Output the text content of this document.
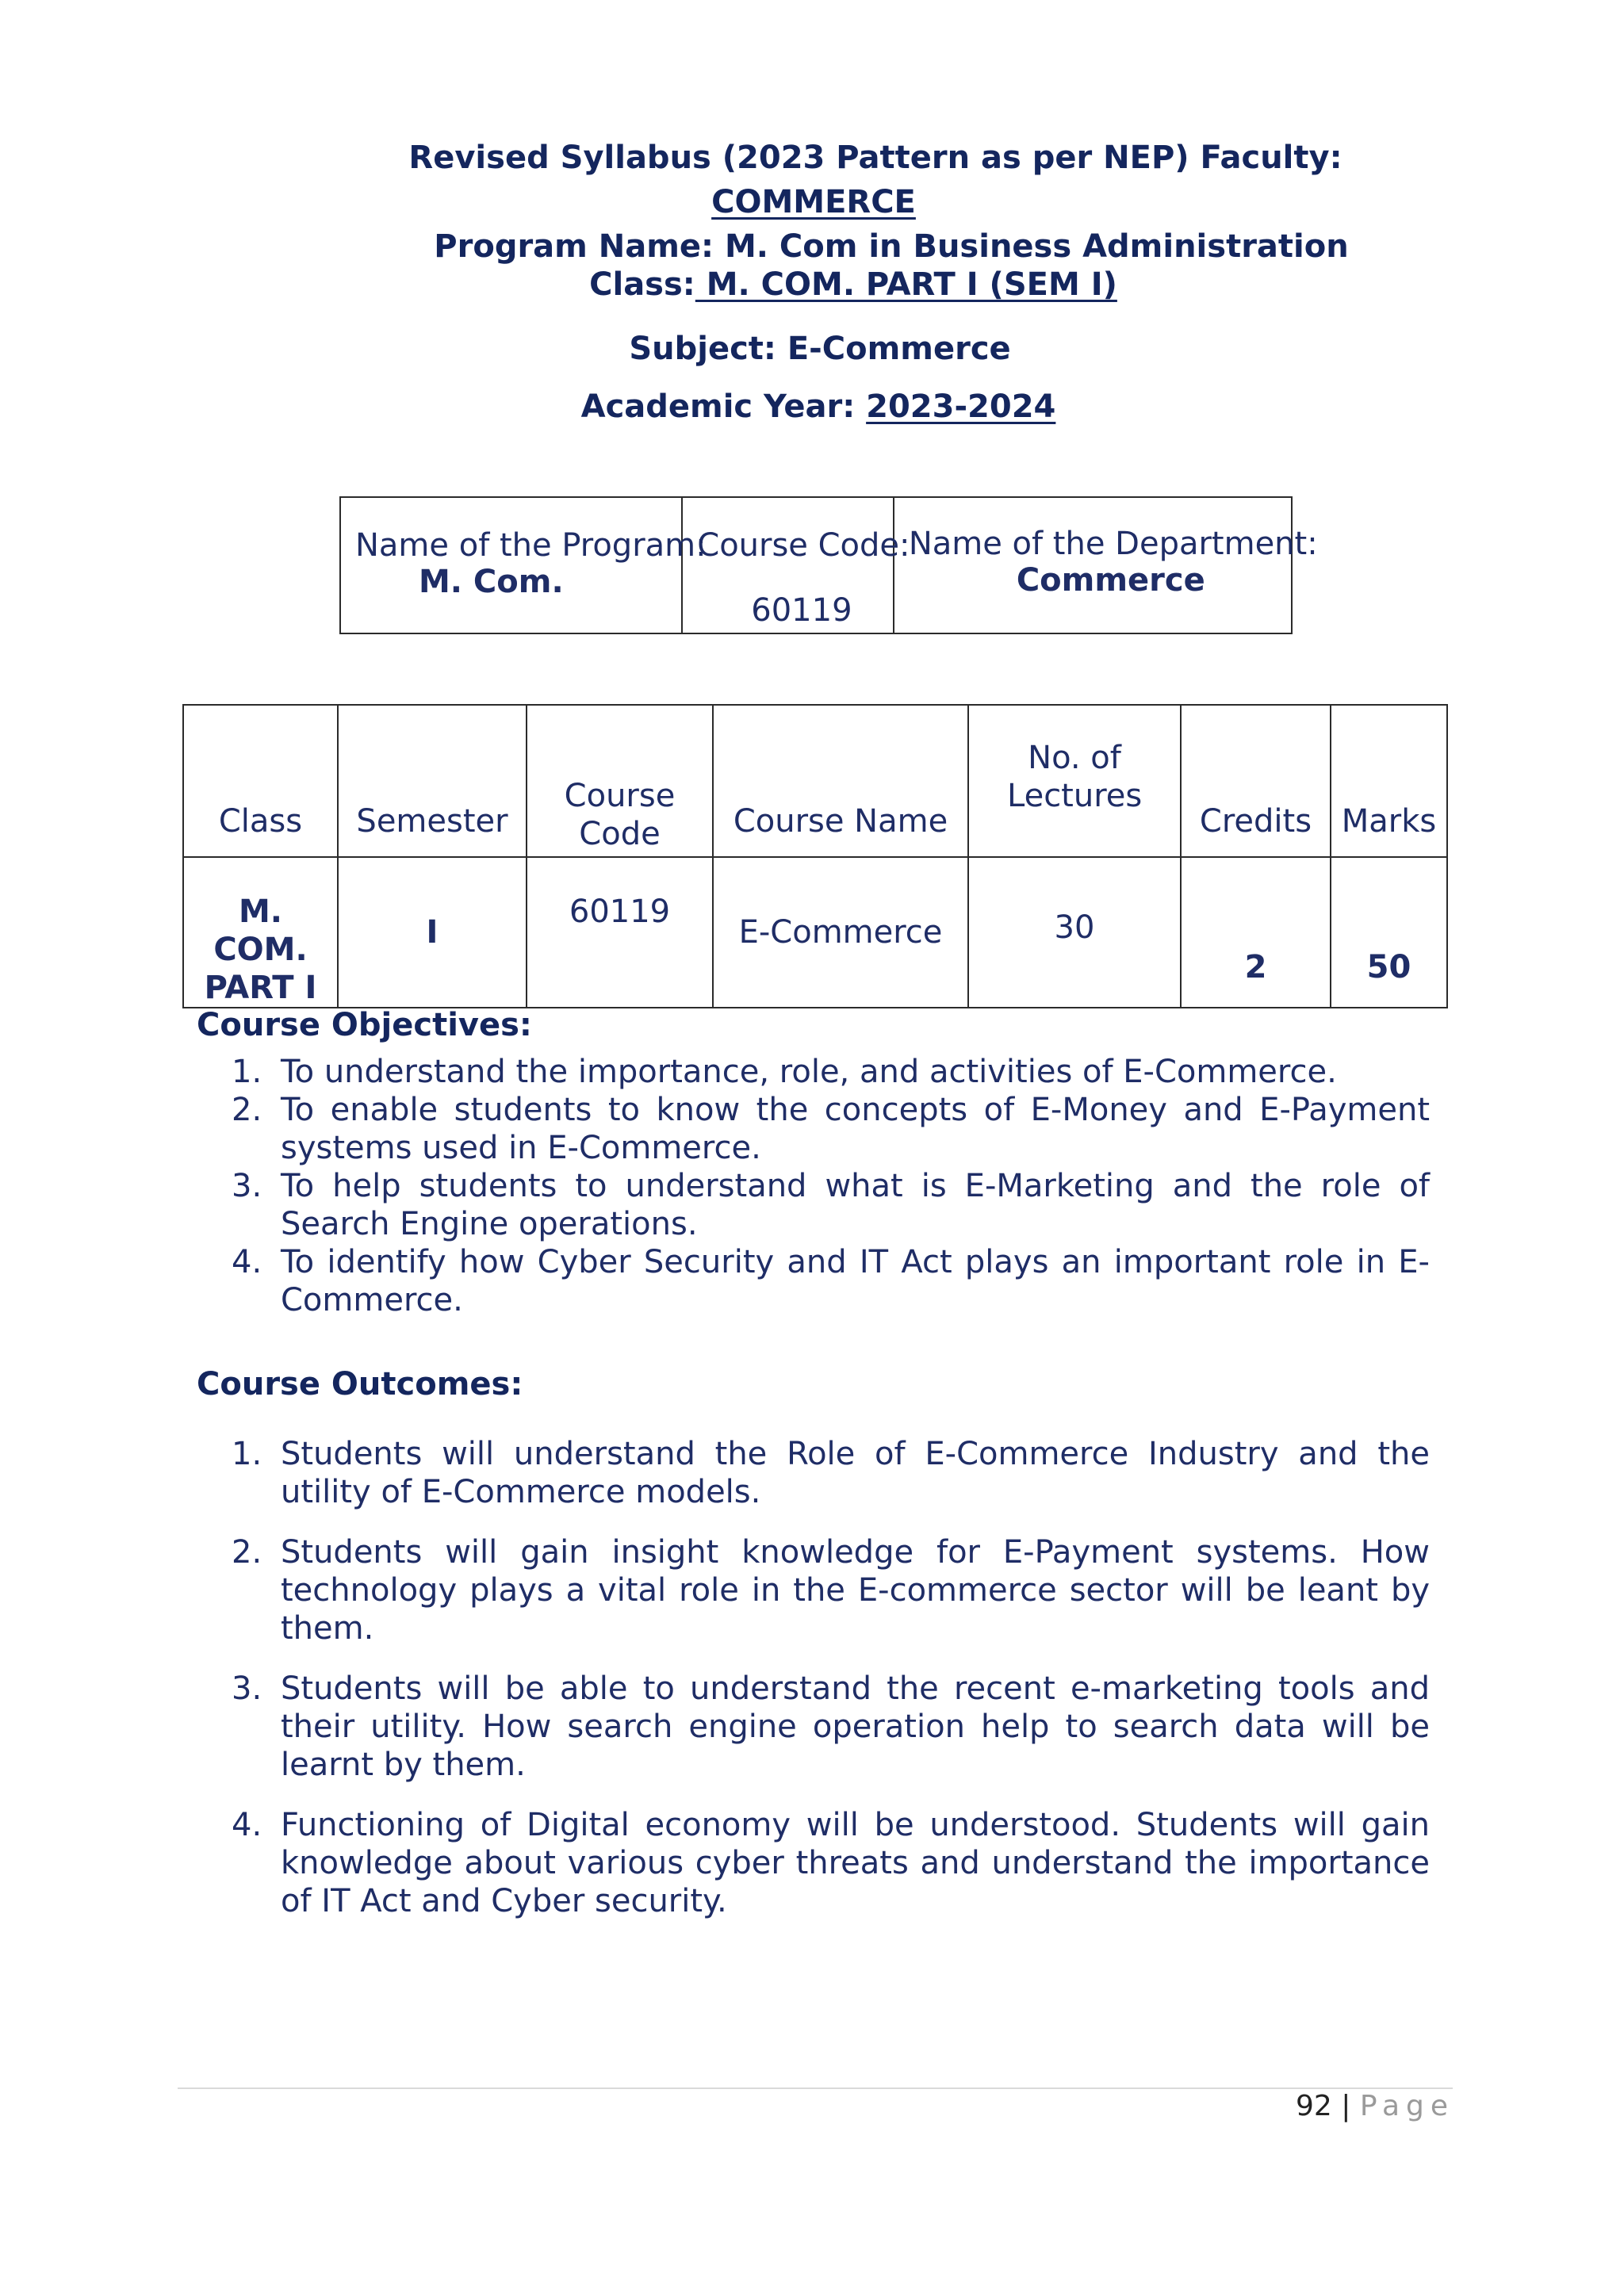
Revised Syllabus (2023 Pattern as per NEP) Faculty:
COMMERCE
Program Name: M. Com in Business Administration
Class: M. COM. PART I (SEM I)
Subject: E-Commerce
Academic Year: 2023-2024
Name of the Program:
M. Com.

Course Code:
60119

Name of the Department:
Commerce
Class	Semester	Course Code	Course Name	No. of Lectures	Credits	Marks

M.
COM.
PART I	I	60119	E-Commerce	30	2	50
Course Objectives:
1. To understand the importance, role, and activities of E-Commerce.
2. To enable students to know the concepts of E-Money and E-Payment systems used in E-Commerce.
3. To help students to understand what is E-Marketing and the role of Search Engine operations.
4. To identify how Cyber Security and IT Act plays an important role in E-Commerce.
Course Outcomes:
1. Students will understand the Role of E-Commerce Industry and the utility of E-Commerce models.
2. Students will gain insight knowledge for E-Payment systems. How technology plays a vital role in the E-commerce sector will be leant by them.
3. Students will be able to understand the recent e-marketing tools and their utility. How search engine operation help to search data will be learnt by them.
4. Functioning of Digital economy will be understood. Students will gain knowledge about various cyber threats and understand the importance of IT Act and Cyber security.
92 | Page
